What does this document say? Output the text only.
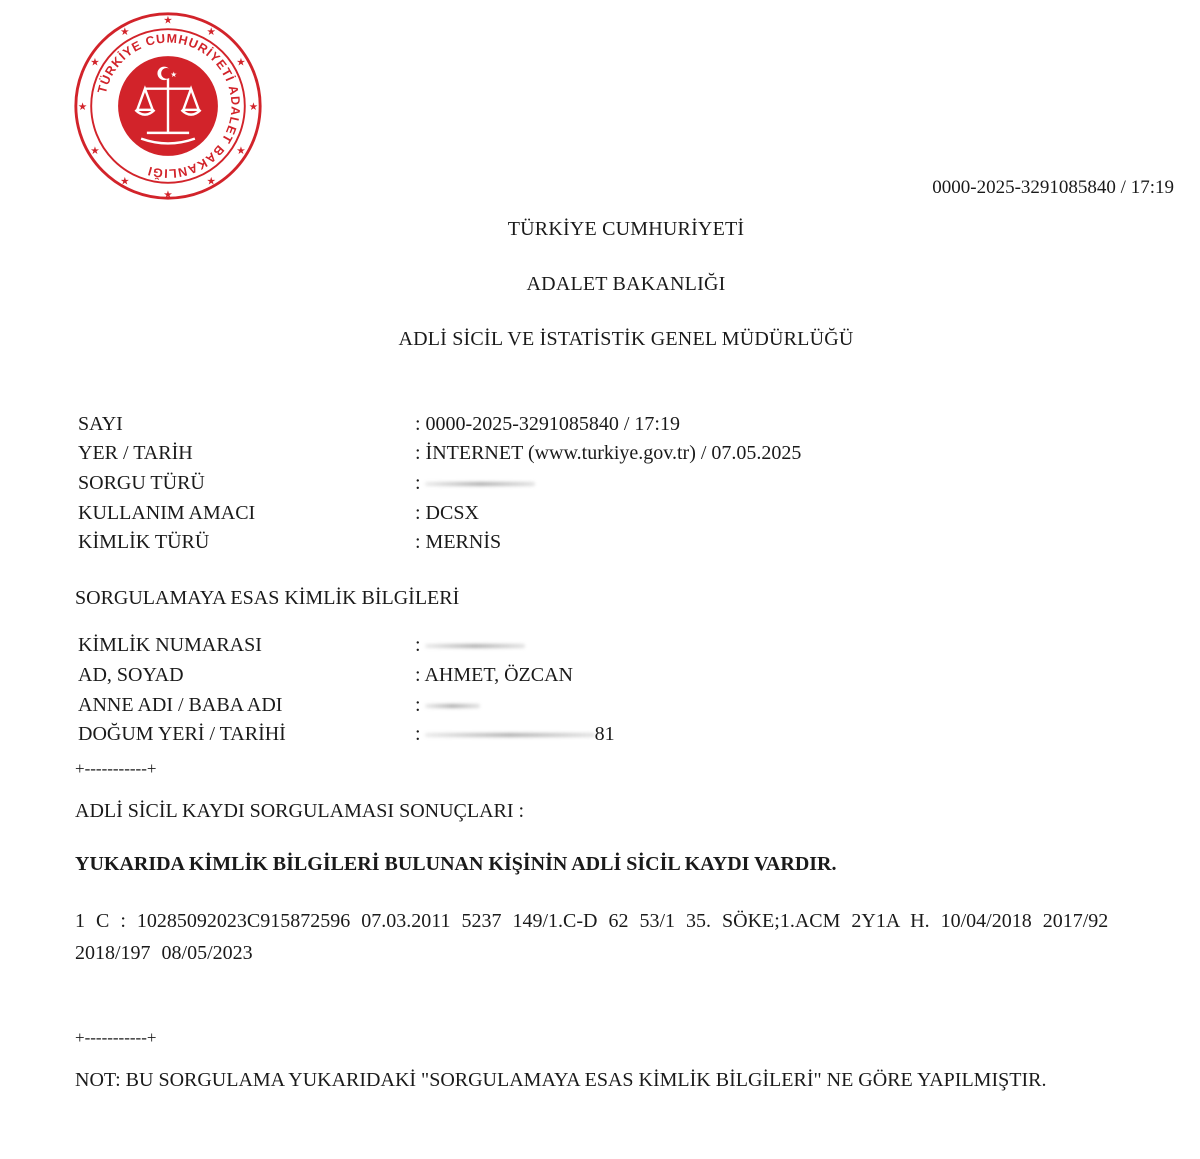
★
★
★
★
★
★
★
★
★
★
★
★
TÜRKİYE CUMHURİYETİ ADALET BAKANLIĞI
★
0000-2025-3291085840 / 17:19
TÜRKİYE CUMHURİYETİ
ADALET BAKANLIĞI
ADLİ SİCİL VE İSTATİSTİK GENEL MÜDÜRLÜĞÜ
SAYI	: 0000-2025-3291085840 / 17:19
YER / TARİH	: İNTERNET (www.turkiye.gov.tr) / 07.05.2025
SORGU TÜRÜ	:
KULLANIM AMACI	: DCSX
KİMLİK TÜRÜ	: MERNİS
SORGULAMAYA ESAS KİMLİK BİLGİLERİ
KİMLİK NUMARASI	:
AD, SOYAD	: AHMET, ÖZCAN
ANNE ADI / BABA ADI	:
DOĞUM YERİ / TARİHİ	:	81
+-----------+
ADLİ SİCİL KAYDI SORGULAMASI SONUÇLARI :
YUKARIDA KİMLİK BİLGİLERİ BULUNAN KİŞİNİN ADLİ SİCİL KAYDI VARDIR.
1 C : 10285092023C915872596 07.03.2011 5237 149/1.C-D 62 53/1 35. SÖKE;1.ACM 2Y1A H. 10/04/2018 2017/92 2018/197 08/05/2023
+-----------+
NOT: BU SORGULAMA YUKARIDAKİ "SORGULAMAYA ESAS KİMLİK BİLGİLERİ" NE GÖRE YAPILMIŞTIR.
